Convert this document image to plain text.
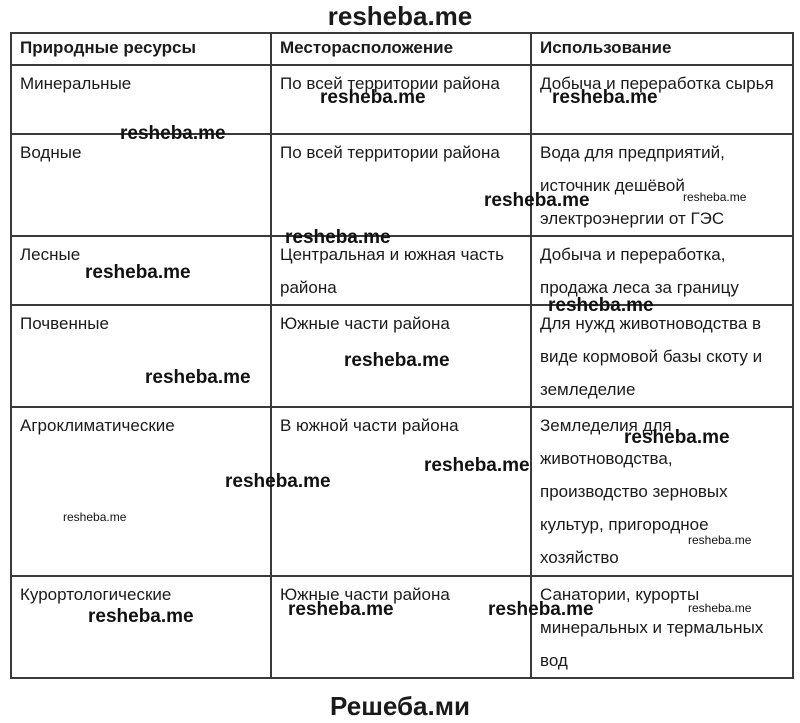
resheba.me
Природные ресурсы	Месторасположение	Использование
Минеральные	По всей территории района	Добыча и переработка сырья
Водные	По всей территории района	Вода для предприятий, источник дешёвой электроэнергии от ГЭС
Лесные	Центральная и южная часть района	Добыча и переработка, продажа леса за границу
Почвенные	Южные части района	Для нужд животноводства в виде кормовой базы скоту и земледелие
Агроклиматические	В южной части района	Земледелия для животноводства, производство зерновых культур, пригородное хозяйство
Курортологические	Южные части района	Санатории, курорты минеральных и термальных вод
resheba.me	resheba.me
resheba.me
resheba.me	resheba.me
resheba.me
resheba.me
resheba.me
resheba.me
resheba.me
resheba.me
resheba.me
resheba.me
resheba.me
resheba.me
resheba.me	resheba.me	resheba.me
resheba.me
Решеба.ми
